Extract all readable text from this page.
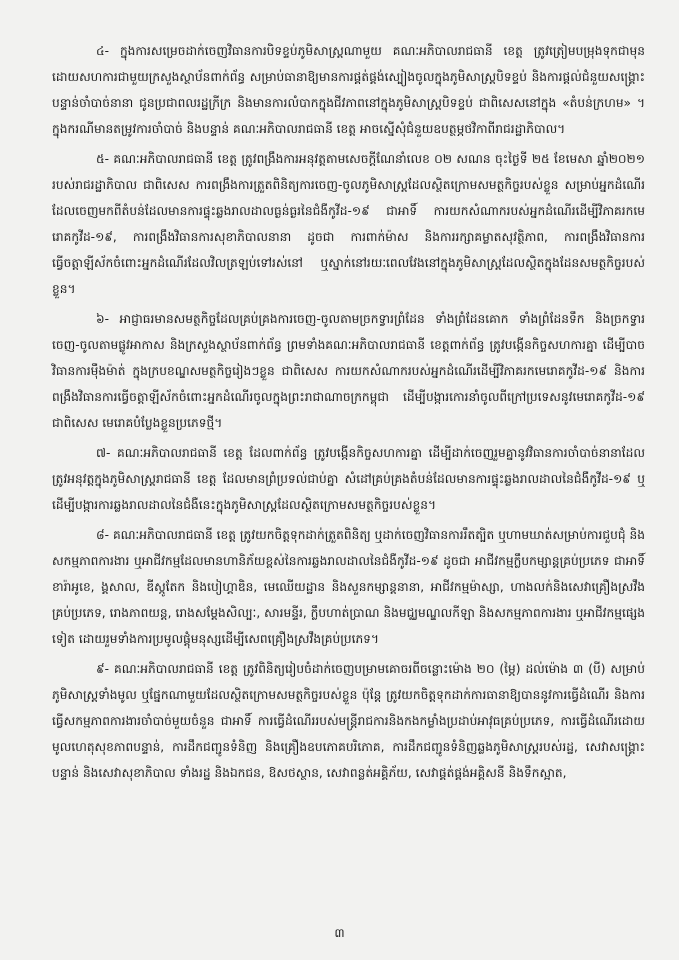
៤- ក្នុងការសម្រេចដាក់ចេញវិធានការបិទខ្ទប់ភូមិសាស្រ្តណាមួយ គណៈអភិបាលរាជធានី ខេត្ត ត្រូវត្រៀមបម្រុងទុកជាមុន ដោយសហការជាមួយក្រសួងស្ថាប័នពាក់ព័ន្ធ សម្រាប់ធានាឱ្យមានការផ្គត់ផ្គង់ស្បៀងចូលក្នុងភូមិសាស្រ្តបិទខ្ទប់ និងការផ្តល់ជំនួយសង្គ្រោះបន្ទាន់ចាំបាច់នានា ជូនប្រជាពលរដ្ឋក្រីក្រ និងមានការលំបាកក្នុងជីវភាពនៅក្នុងភូមិសាស្រ្តបិទខ្ទប់ ជាពិសេសនៅក្នុង «តំបន់ក្រហម» ។ ក្នុងករណីមានតម្រូវការចាំបាច់ និងបន្ទាន់ គណៈអភិបាលរាជធានី ខេត្ត អាចស្នើសុំជំនួយឧបត្ថម្ភថវិកាពីរាជរដ្ឋាភិបាល។

៥- គណៈអភិបាលរាជធានី ខេត្ត ត្រូវពង្រឹងការអនុវត្តតាមសេចក្តីណែនាំលេខ ០២ សណន ចុះថ្ងៃទី ២៥ ខែមេសា ឆ្នាំ២០២១ របស់រាជរដ្ឋាភិបាល ជាពិសេស ការពង្រឹងការត្រួតពិនិត្យការចេញ-ចូលភូមិសាស្រ្តដែលស្ថិតក្រោមសមត្ថកិច្ចរបស់ខ្លួន សម្រាប់អ្នកដំណើរដែលចេញមកពីតំបន់ដែលមានការផ្ទុះឆ្លងរាលដាលធ្ងន់ធ្ងរនៃជំងឺកូវីដ-១៩ ជាអាទិ៍ ការយកសំណាករបស់អ្នកដំណើរដើម្បីវិភាគរកមេរោគកូវីដ-១៩, ការពង្រឹងវិធានការសុខាភិបាលនានា ដូចជា ការពាក់ម៉ាស និងការរក្សាគម្លាតសុវត្ថិភាព, ការពង្រឹងវិធានការធ្វើចត្តាឡីស័កចំពោះអ្នកដំណើរដែលវិលត្រឡប់ទៅរស់នៅ ឬស្នាក់នៅរយៈពេលវែងនៅក្នុងភូមិសាស្រ្តដែលស្ថិតក្នុងដែនសមត្ថកិច្ចរបស់ខ្លួន។

៦- អាជ្ញាធរមានសមត្ថកិច្ចដែលគ្រប់គ្រងការចេញ-ចូលតាមច្រកទ្វារព្រំដែន ទាំងព្រំដែនគោក ទាំងព្រំដែនទឹក និងច្រកទ្វារចេញ-ចូលតាមផ្លូវអាកាស និងក្រសួងស្ថាប័នពាក់ព័ន្ធ ព្រមទាំងគណៈអភិបាលរាជធានី ខេត្តពាក់ព័ន្ធ ត្រូវបង្កើនកិច្ចសហការគ្នា ដើម្បីបាចវិធានការម៉ឺងម៉ាត់ ក្នុងក្របខណ្ឌសមត្ថកិច្ចរៀងៗខ្លួន ជាពិសេស ការយកសំណាករបស់អ្នកដំណើរដើម្បីវិភាគរកមេរោគកូវីដ-១៩ និងការពង្រឹងវិធានការធ្វើចត្តាឡីស័កចំពោះអ្នកដំណើរចូលក្នុងព្រះរាជាណាចក្រកម្ពុជា ដើម្បីបង្ការកោរនាំចូលពីក្រៅប្រទេសនូវមេរោគកូវីដ-១៩ ជាពិសេស មេរោគបំប្លែងខ្លួនប្រភេទថ្មី។

៧- គណៈអភិបាលរាជធានី ខេត្ត ដែលពាក់ព័ន្ធ ត្រូវបង្កើនកិច្ចសហការគ្នា ដើម្បីដាក់ចេញរួមគ្នានូវវិធានការចាំបាច់នានាដែលត្រូវអនុវត្តក្នុងភូមិសាស្រ្តរាជធានី ខេត្ត ដែលមានព្រំប្រទល់ជាប់គ្នា សំដៅគ្រប់គ្រងតំបន់ដែលមានការផ្ទុះឆ្លងរាលដាលនៃជំងឺកូវីដ-១៩ ឬដើម្បីបង្ការការឆ្លងរាលដាលនៃជំងឺនេះក្នុងភូមិសាស្រ្តដែលស្ថិតក្រោមសមត្ថកិច្ចរបស់ខ្លួន។

៨- គណៈអភិបាលរាជធានី ខេត្ត ត្រូវយកចិត្តទុកដាក់ត្រួតពិនិត្យ ឬដាក់ចេញវិធានការរឹតត្បិត ឬហាមឃាត់សម្រាប់ការជួបជុំ និងសកម្មភាពការងារ ឬអាជីវកម្មដែលមានហានិភ័យខ្ពស់នៃការឆ្លងរាលដាលនៃជំងឺកូវីដ-១៩ ដូចជា អាជីវកម្មក្លឹបកម្សាន្តគ្រប់ប្រភេទ ជាអាទិ៍ ខារ៉ាអូខេ, ង្គសាល, ឌីស្កូតែក និងបៀហ្គាឌិន, មេឈើយដ្ឋាន និងសួនកម្សាន្តនានា, អាជីវកម្មម៉ាស្សា, ហាងលក់និងសេវាគ្រឿងស្រវឹងគ្រប់ប្រភេទ, រោងភាពយន្ត, រោងសម្តែងសិល្បៈ, សារមន្ទីរ, ក្លឹបហាត់ប្រាណ និងមជ្ឈមណ្ឌលកីឡា និងសកម្មភាពការងារ ឬអាជីវកម្មផ្សេងទៀត ដោយរួមទាំងការប្រមូលផ្តុំមនុស្សដើម្បីសេពគ្រឿងស្រវឹងគ្រប់ប្រភេទ។

៩- គណៈអភិបាលរាជធានី ខេត្ត ត្រូវពិនិត្យរៀបចំដាក់ចេញបម្រាមគោចរពីចន្លោះម៉ោង ២០ (ម្ភៃ) ដល់ម៉ោង ៣ (បី) សម្រាប់ភូមិសាស្រ្តទាំងមូល ឬផ្នែកណាមួយដែលស្ថិតក្រោមសមត្ថកិច្ចរបស់ខ្លួន ប៉ុន្តែ ត្រូវយកចិត្តទុកដាក់ការធានាឱ្យបាននូវការធ្វើដំណើរ និងការធ្វើសកម្មភាពការងារចាំបាច់មួយចំនួន ជាអាទិ៍ ការធ្វើដំណើររបស់មន្ត្រីរាជការនិងកងកម្លាំងប្រដាប់អាវុធគ្រប់ប្រភេទ, ការធ្វើដំណើរដោយមូលហេតុសុខភាពបន្ទាន់, ការដឹកជញ្ជូនទំនិញ និងគ្រឿងឧបភោគបរិភោគ, ការដឹកជញ្ជូនទំនិញឆ្លងភូមិសាស្រ្តរបស់រដ្ឋ, សេវាសង្គ្រោះបន្ទាន់ និងសេវាសុខាភិបាល ទាំងរដ្ឋ និងឯកជន, ឱសថស្ថាន, សេវាពន្លត់អគ្គិភ័យ, សេវាផ្គត់ផ្គង់អគ្គិសនី និងទឹកស្អាត,

៣
